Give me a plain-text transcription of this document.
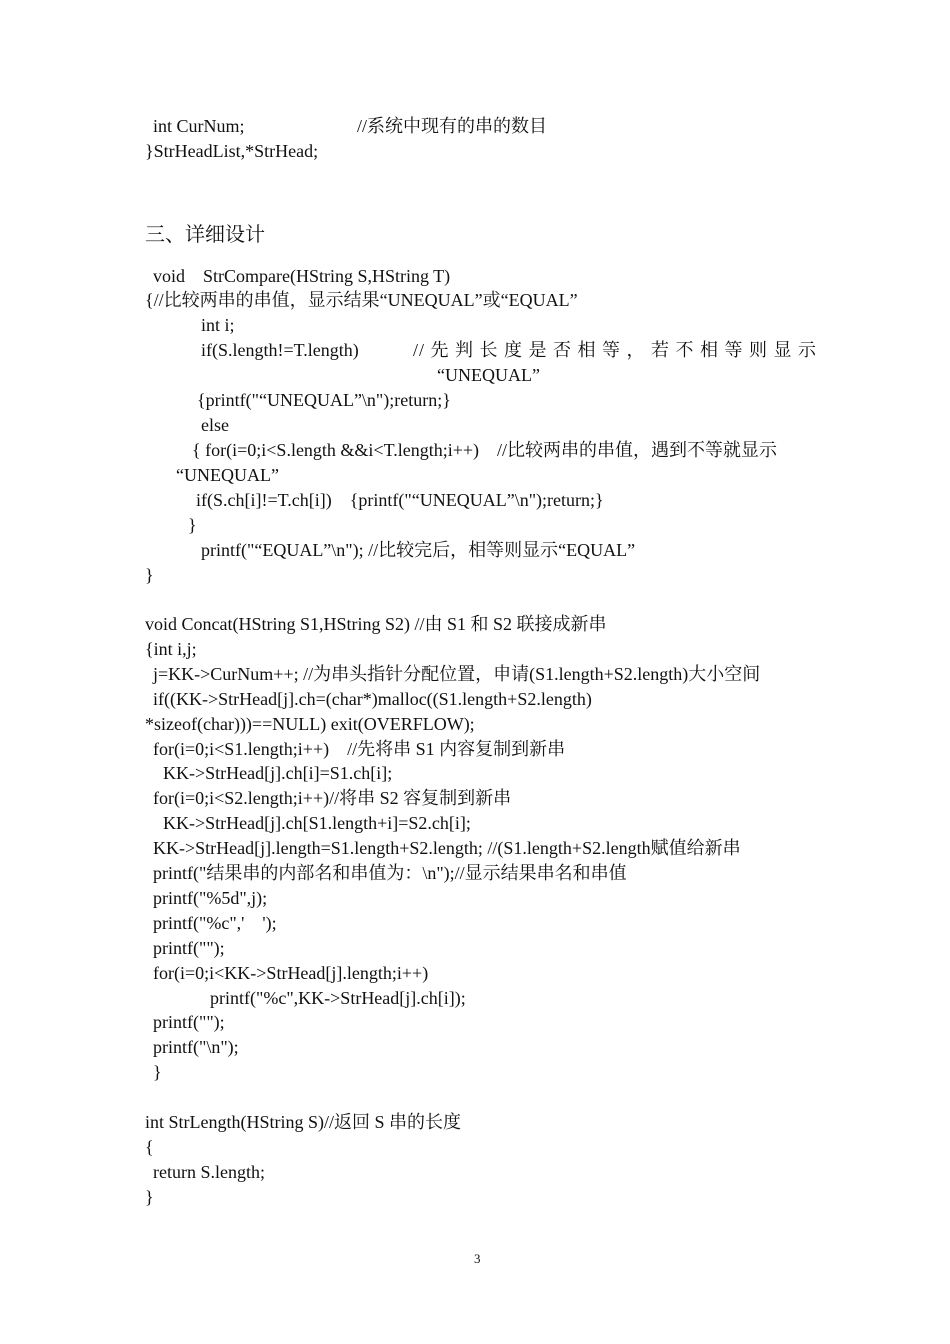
int CurNum;	//系统中现有的串的数目
}StrHeadList,*StrHead;
三、详细设计
void    StrCompare(HString S,HString T)
{//比较两串的串值，显示结果“UNEQUAL”或“EQUAL”
int i;
if(S.length!=T.length)	// 先 判 长 度 是 否 相 等 ， 若 不 相 等 则 显 示
“UNEQUAL”
{printf("“UNEQUAL”\n");return;}
else
{ for(i=0;i<S.length &&i<T.length;i++)    //比较两串的串值，遇到不等就显示
“UNEQUAL”
if(S.ch[i]!=T.ch[i])    {printf("“UNEQUAL”\n");return;}
}
printf("“EQUAL”\n"); //比较完后，相等则显示“EQUAL”
}
void Concat(HString S1,HString S2) //由 S1 和 S2 联接成新串
{int i,j;
j=KK->CurNum++; //为串头指针分配位置，申请(S1.length+S2.length)大小空间
if((KK->StrHead[j].ch=(char*)malloc((S1.length+S2.length)
*sizeof(char)))==NULL) exit(OVERFLOW);
for(i=0;i<S1.length;i++)    //先将串 S1 内容复制到新串
KK->StrHead[j].ch[i]=S1.ch[i];
for(i=0;i<S2.length;i++)//将串 S2 容复制到新串
KK->StrHead[j].ch[S1.length+i]=S2.ch[i];
KK->StrHead[j].length=S1.length+S2.length; //(S1.length+S2.length赋值给新串
printf("结果串的内部名和串值为：\n");//显示结果串名和串值
printf("%5d",j);
printf("%c",'    ');
printf("");
for(i=0;i<KK->StrHead[j].length;i++)
printf("%c",KK->StrHead[j].ch[i]);
printf("");
printf("\n");
}
int StrLength(HString S)//返回 S 串的长度
{
return S.length;
}
3
